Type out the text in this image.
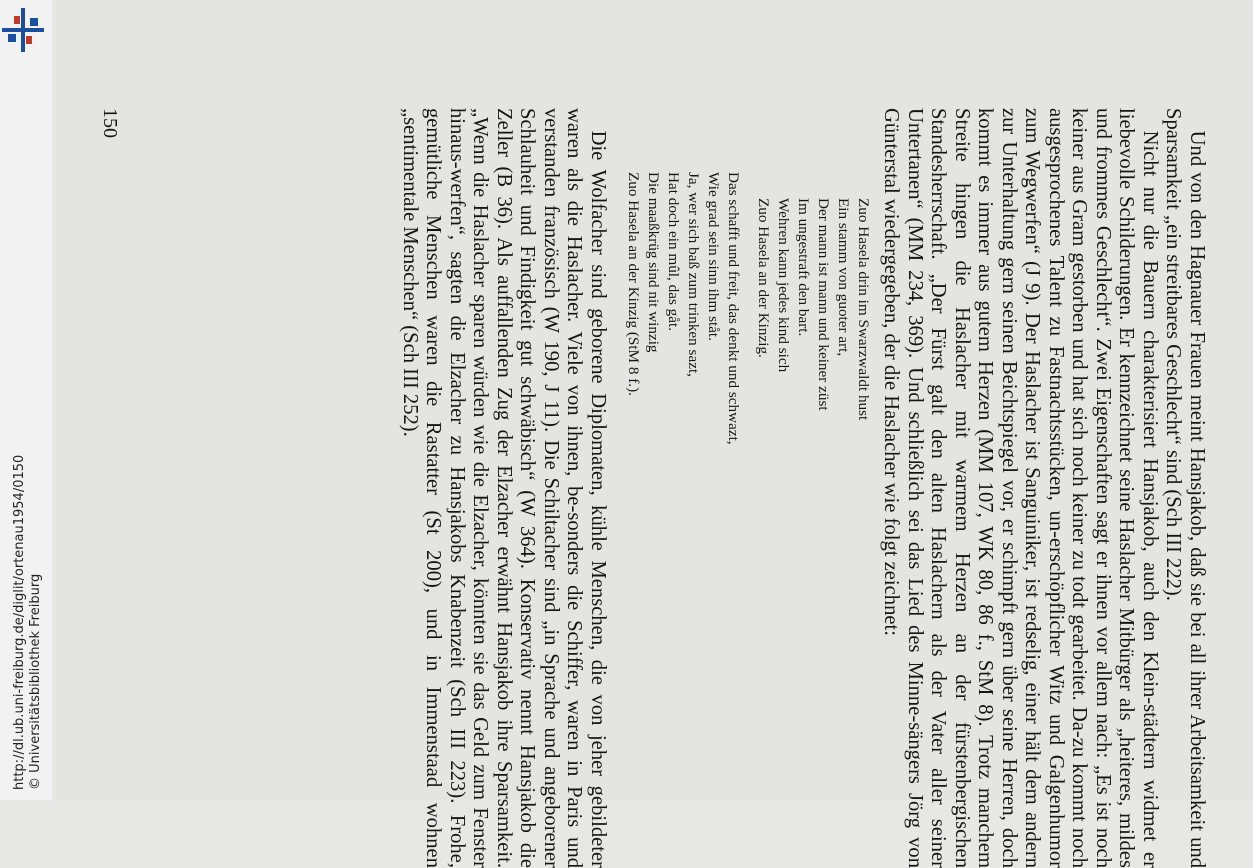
http://dl.ub.uni-freiburg.de/diglit/ortenau1954/0150 © Universitätsbibliothek Freiburg	Und von den Hagnauer Frauen meint Hansjakob, daß sie bei all ihrer Arbeitsamkeit und Sparsamkeit „ein streitbares Geschlecht“ sind (Sch III 222).

Nicht nur die Bauern charakterisiert Hansjakob, auch den Klein-städtern widmet er liebevolle Schilderungen. Er kennzeichnet seine Haslacher Mitbürger als „heiteres, mildes und frommes Geschlecht“. Zwei Eigenschaften sagt er ihnen vor allem nach: „Es ist noch keiner aus Gram gestorben und hat sich noch keiner zu todt gearbeitet. Da-zu kommt noch ausgesprochenes Talent zu Fastnachtsstücken, un-erschöpflicher Witz und Galgenhumor zum Wegwerfen“ (J 9). Der Haslacher ist Sanguiniker, ist redselig, einer hält dem andern zur Unterhaltung gern seinen Beichtspiegel vor, er schimpft gern über seine Herren, doch kommt es immer aus gutem Herzen (MM 107, WK 80, 86 f., StM 8). Trotz manchem Streite hingen die Haslacher mit warmem Herzen an der fürstenbergischen Standesherrschaft. „Der Fürst galt den alten Haslachern als der Vater aller seiner Untertanen“ (MM 234, 369). Und schließlich sei das Lied des Minne-sängers Jörg von Günterstal wiedergegeben, der die Haslacher wie folgt zeichnet:

Zuo Hasela drin im Swarzwaldt hust
Ein stamm von guoter art,
Der mann ist mann und keiner züst
Im ungestraft den bart.
Wehren kann jedes kind sich
Zuo Hasela an der Kinzig.
Das schafft und freit, das denkt und schwazt,
Wie grad sein sinn ihm ståt.
Ja, wer sich baß zum trinken sazt,
Hat doch ein mûl, das gåt.
Die maaßkrüg sind nit winzig
Zuo Hasela an der Kinzig (StM 8 f.).

Die Wolfacher sind geborene Diplomaten, kühle Menschen, die von jeher gebildeter waren als die Haslacher. Viele von ihnen, be-sonders die Schiffer, waren in Paris und verstanden französisch (W 190, J 11). Die Schiltacher sind „in Sprache und angeborener Schlauheit und Findigkeit gut schwäbisch“ (W 364). Konservativ nennt Hansjakob die Zeller (B 36). Als auffallenden Zug der Elzacher erwähnt Hansjakob ihre Sparsamkeit. „Wenn die Haslacher sparen würden wie die Elzacher, könnten sie das Geld zum Fenster hinaus-werfen“, sagten die Elzacher zu Hansjakobs Knabenzeit (Sch III 223). Frohe, gemütliche Menschen waren die Rastatter (St 200), und in Immenstaad wohnen „sentimentale Menschen“ (Sch III 252).

150
